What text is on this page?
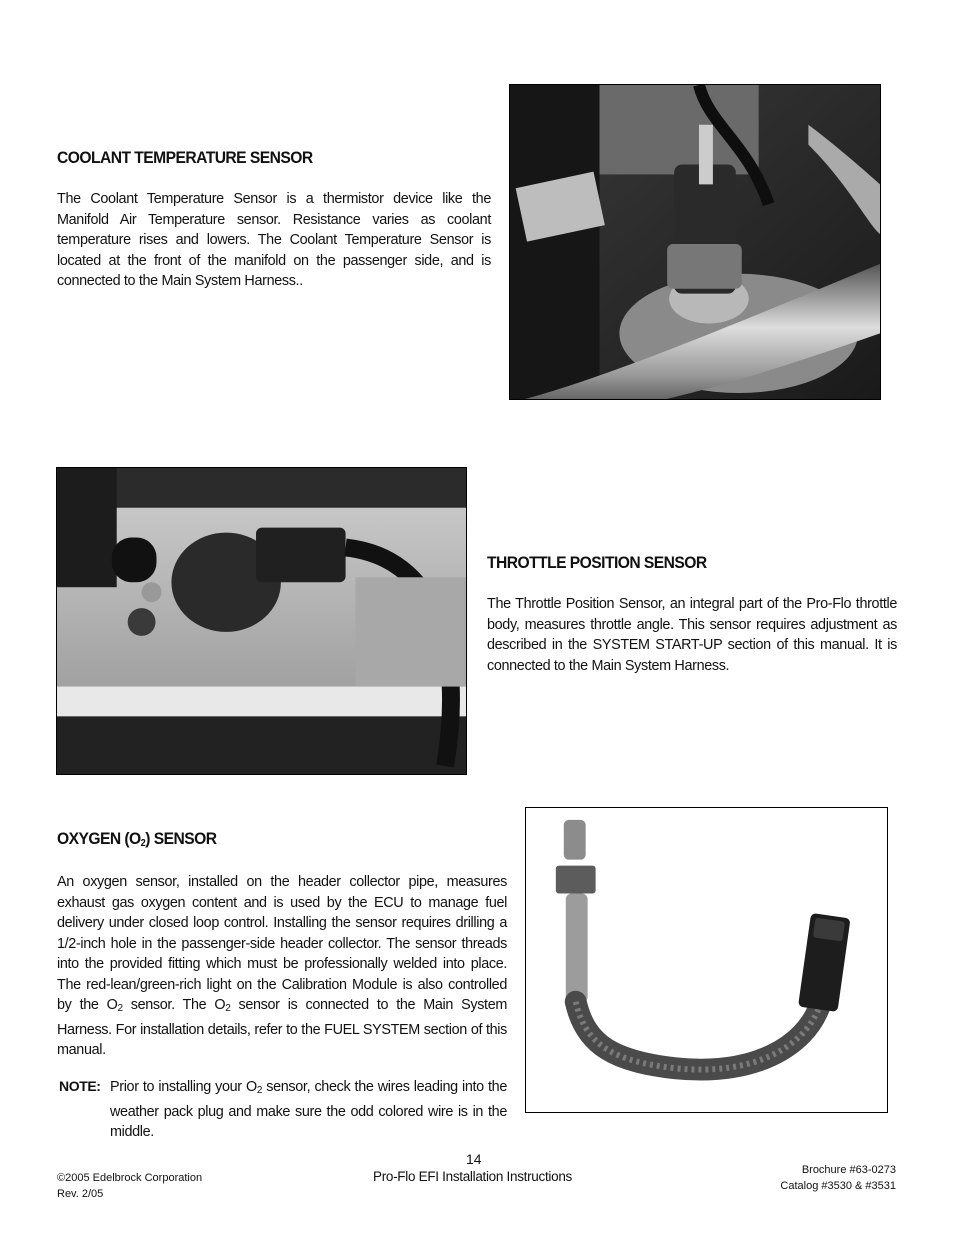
COOLANT TEMPERATURE SENSOR
The Coolant Temperature Sensor is a thermistor device like the Manifold Air Temperature sensor. Resistance varies as coolant temperature rises and lowers. The Coolant Temperature Sensor is located at the front of the manifold on the passenger side, and is connected to the Main System Harness..
THROTTLE POSITION SENSOR
The Throttle Position Sensor, an integral part of the Pro-Flo throttle body, measures throttle angle. This sensor requires adjustment as described in the SYSTEM START-UP section of this manual. It is connected to the Main System Harness.
OXYGEN $(O_2)$ SENSOR
An oxygen sensor, installed on the header collector pipe, measures exhaust gas oxygen content and is used by the ECU to manage fuel delivery under closed loop control. Installing the sensor requires drilling a 1/2-inch hole in the passenger-side header collector. The sensor threads into the provided fitting which must be professionally welded into place. The red-lean/green-rich light on the Calibration Module is also controlled by the $O_2$ sensor. The $O_2$ sensor is connected to the Main System Harness. For installation details, refer to the FUEL SYSTEM section of this manual.
NOTE: Prior to installing your $O_2$ sensor, check the wires leading into the weather pack plug and make sure the odd colored wire is in the middle.
14
Pro-Flo EFI Installation Instructions
©2005 Edelbrock Corporation
Rev. 2/05
Brochure #63-0273
Catalog #3530 & #3531
